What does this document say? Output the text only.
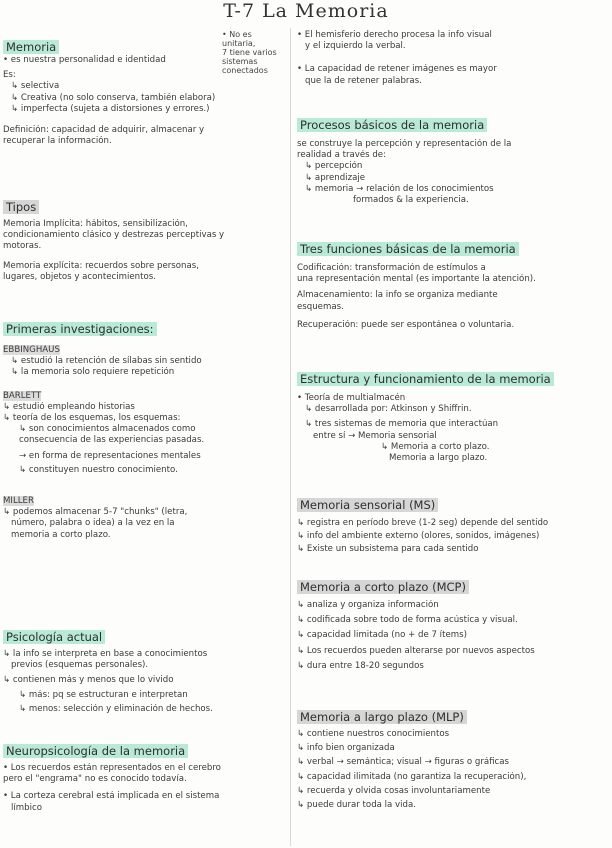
T-7 La Memoria
• No es
unitaria,
7 tiene varios
sistemas
conectados
Memoria
• es nuestra personalidad e identidad
Es:
↳ selectiva
↳ Creativa (no solo conserva, también elabora)
↳ imperfecta (sujeta a distorsiones y errores.)
Definición: capacidad de adquirir, almacenar y
recuperar la información.
Tipos
Memoria Implícita: hábitos, sensibilización,
condicionamiento clásico y destrezas perceptivas y
motoras.
Memoria explícita: recuerdos sobre personas,
lugares, objetos y acontecimientos.
Primeras investigaciones:
EBBINGHAUS
↳ estudió la retención de sílabas sin sentido
↳ la memoria solo requiere repetición
BARLETT
↳ estudió empleando historias
↳ teoría de los esquemas, los esquemas:
↳ son conocimientos almacenados como
consecuencia de las experiencias pasadas.
→ en forma de representaciones mentales
↳ constituyen nuestro conocimiento.
MILLER
↳ podemos almacenar 5-7 "chunks" (letra,
número, palabra o idea) a la vez en la
memoria a corto plazo.
Psicología actual
↳ la info se interpreta en base a conocimientos
previos (esquemas personales).
↳ contienen más y menos que lo vivido
↳ más: pq se estructuran e interpretan
↳ menos: selección y eliminación de hechos.
Neuropsicología de la memoria
• Los recuerdos están representados en el cerebro
pero el "engrama" no es conocido todavía.
• La corteza cerebral está implicada en el sistema
límbico
• El hemisferio derecho procesa la info visual
y el izquierdo la verbal.
• La capacidad de retener imágenes es mayor
que la de retener palabras.
Procesos básicos de la memoria
se construye la percepción y representación de la
realidad a través de:
↳ percepción
↳ aprendizaje
↳ memoria → relación de los conocimientos
formados & la experiencia.
Tres funciones básicas de la memoria
Codificación: transformación de estímulos a
una representación mental (es importante la atención).
Almacenamiento: la info se organiza mediante
esquemas.
Recuperación: puede ser espontánea o voluntaria.
Estructura y funcionamiento de la memoria
• Teoría de multialmacén
↳ desarrollada por: Atkinson y Shiffrin.
↳ tres sistemas de memoria que interactúan
entre sí → Memoria sensorial
↳ Memoria a corto plazo.
Memoria a largo plazo.
Memoria sensorial (MS)
↳ registra en período breve (1-2 seg) depende del sentido
↳ info del ambiente externo (olores, sonidos, imágenes)
↳ Existe un subsistema para cada sentido
Memoria a corto plazo (MCP)
↳ analiza y organiza información
↳ codificada sobre todo de forma acústica y visual.
↳ capacidad limitada (no + de 7 ítems)
↳ Los recuerdos pueden alterarse por nuevos aspectos
↳ dura entre 18-20 segundos
Memoria a largo plazo (MLP)
↳ contiene nuestros conocimientos
↳ info bien organizada
↳ verbal → semántica; visual → figuras o gráficas
↳ capacidad ilimitada (no garantiza la recuperación),
↳ recuerda y olvida cosas involuntariamente
↳ puede durar toda la vida.
